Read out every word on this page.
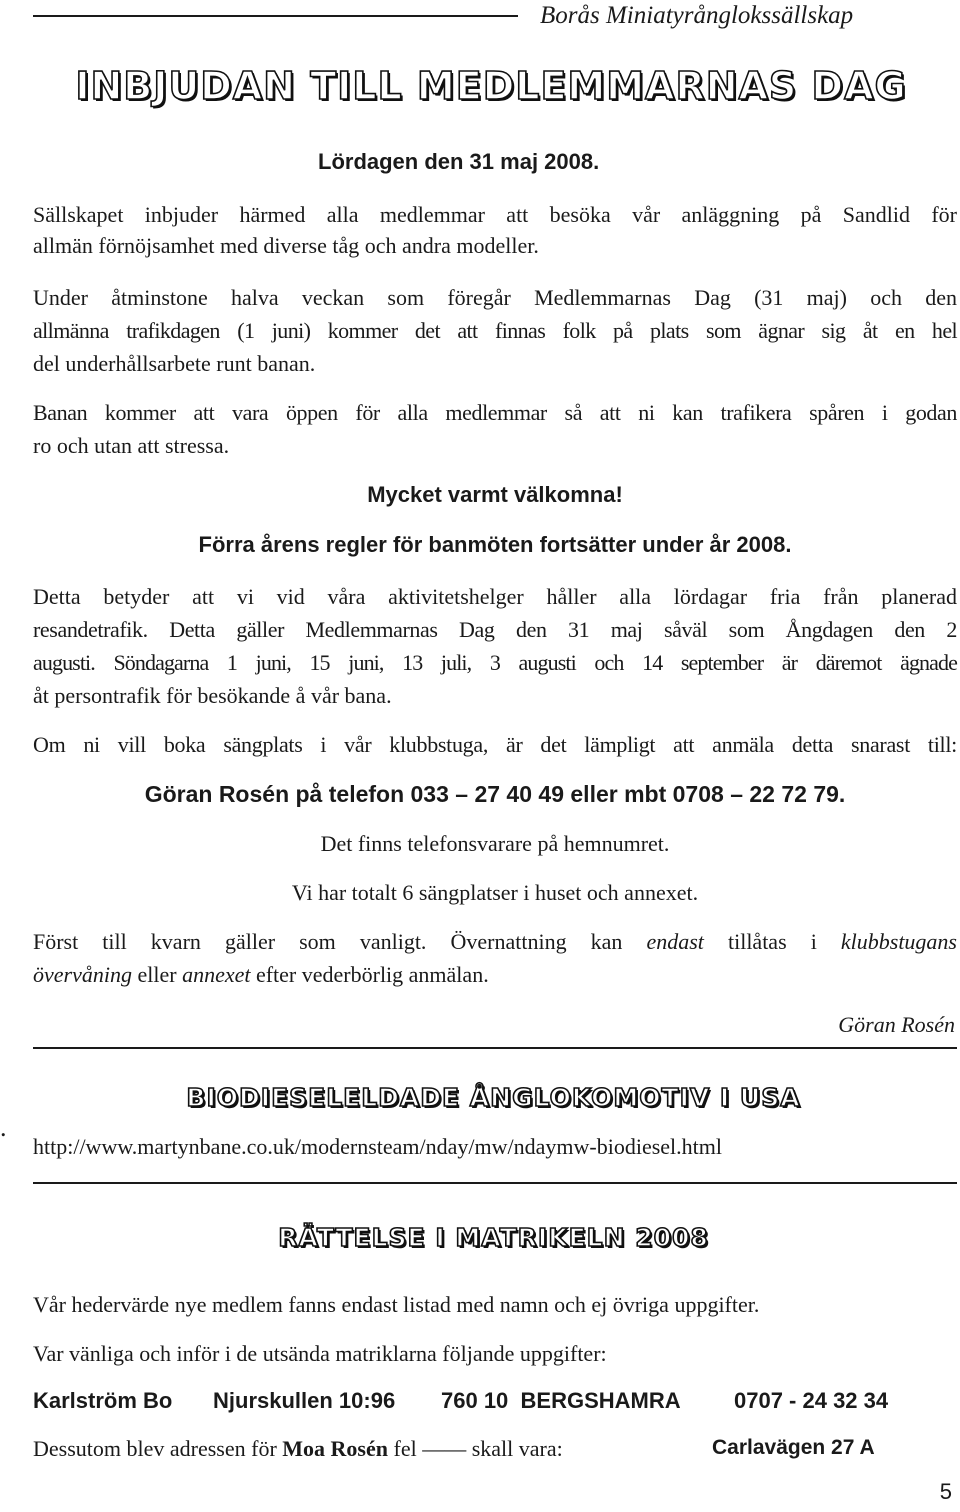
Borås Miniatyrånglokssällskap
INBJUDAN TILL MEDLEMMARNAS DAG
Lördagen den 31 maj 2008.
Sällskapet inbjuder härmed alla medlemmar att besöka vår anläggning på Sandlid för
allmän förnöjsamhet med diverse tåg och andra modeller.
Under åtminstone halva veckan som föregår Medlemmarnas Dag (31 maj) och den
allmänna trafikdagen (1 juni) kommer det att finnas folk på plats som ägnar sig åt en hel
del underhållsarbete runt banan.
Banan kommer att vara öppen för alla medlemmar så att ni kan trafikera spåren i godan
ro och utan att stressa.
Mycket varmt välkomna!
Förra årens regler för banmöten fortsätter under år 2008.
Detta betyder att vi vid våra aktivitetshelger håller alla lördagar fria från planerad
resandetrafik. Detta gäller Medlemmarnas Dag den 31 maj såväl som Ångdagen den 2
augusti. Söndagarna 1 juni, 15 juni, 13 juli, 3 augusti och 14 september är däremot ägnade
åt persontrafik för besökande å vår bana.
Om ni vill boka sängplats i vår klubbstuga, är det lämpligt att anmäla detta snarast till:
Göran Rosén på telefon 033 – 27 40 49 eller mbt 0708 – 22 72 79.
Det finns telefonsvarare på hemnumret.
Vi har totalt 6 sängplatser i huset och annexet.
Först till kvarn gäller som vanligt. Övernattning kan endast tillåtas i klubbstugans
övervåning eller annexet efter vederbörlig anmälan.
Göran Rosén
BIODIESELELDADE ÅNGLOKOMOTIV I USA
.
http://www.martynbane.co.uk/modernsteam/nday/mw/ndaymw-biodiesel.html
RÄTTELSE I MATRIKELN 2008
Vår hedervärde nye medlem fanns endast listad med namn och ej övriga uppgifter.
Var vänliga och inför i de utsända matriklarna följande uppgifter:
Karlström Bo Njurskullen 10:96 760 10  BERGSHAMRA 0707 - 24 32 34
Dessutom blev adressen för Moa Rosén fel —— skall vara:	Carlavägen 27 A
5
